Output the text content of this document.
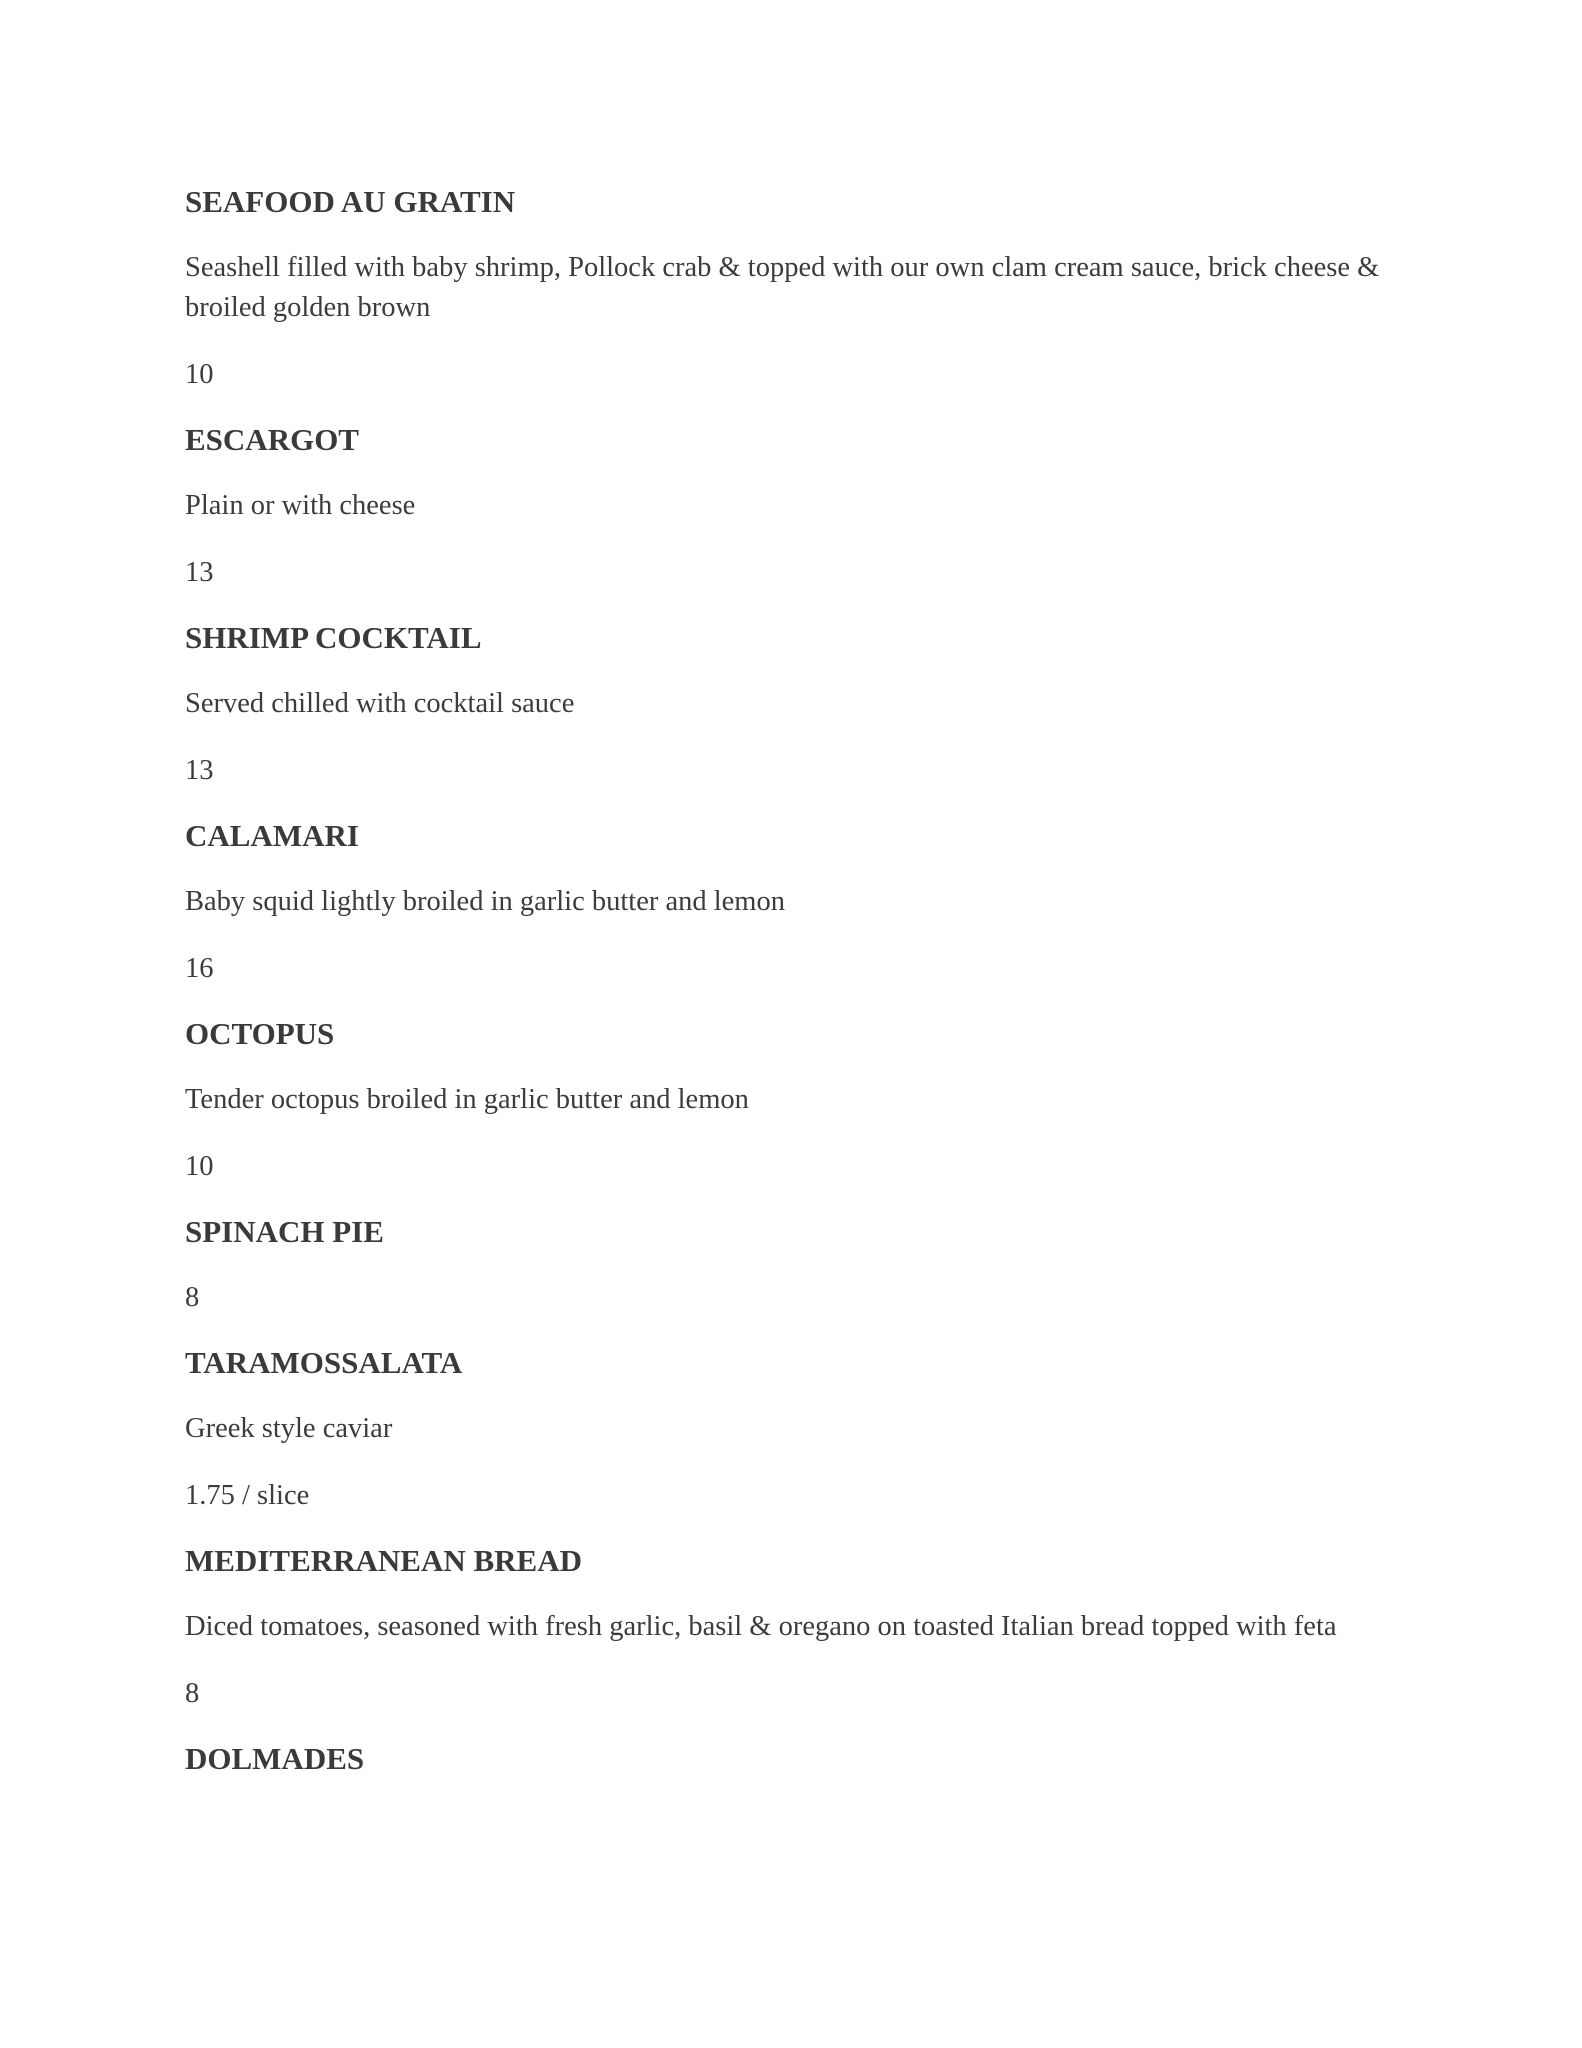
SEAFOOD AU GRATIN
Seashell filled with baby shrimp, Pollock crab & topped with our own clam cream sauce, brick cheese & broiled golden brown
10
ESCARGOT
Plain or with cheese
13
SHRIMP COCKTAIL
Served chilled with cocktail sauce
13
CALAMARI
Baby squid lightly broiled in garlic butter and lemon
16
OCTOPUS
Tender octopus broiled in garlic butter and lemon
10
SPINACH PIE
8
TARAMOSSALATA
Greek style caviar
1.75 / slice
MEDITERRANEAN BREAD
Diced tomatoes, seasoned with fresh garlic, basil & oregano on toasted Italian bread topped with feta
8
DOLMADES
